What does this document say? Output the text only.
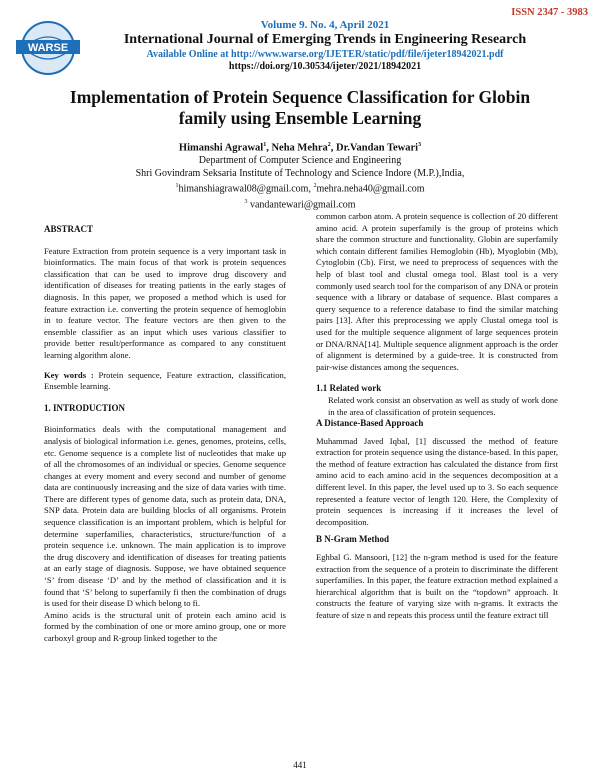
WARSE
ISSN 2347 - 3983
Volume 9. No. 4, April 2021
International Journal of Emerging Trends in Engineering Research
Available Online at http://www.warse.org/IJETER/static/pdf/file/ijeter18942021.pdf
https://doi.org/10.30534/ijeter/2021/18942021
Implementation of Protein Sequence Classification for Globin
family using Ensemble Learning
Himanshi Agrawal$^1$, Neha Mehra$^2$, Dr.Vandan Tewari$^3$
Department of Computer Science and Engineering
Shri Govindram Seksaria Institute of Technology and Science Indore (M.P.),India,
$^1$himanshiagrawal08@gmail.com, $^2$mehra.neha40@gmail.com
$^3$ vandantewari@gmail.com

ABSTRACT

Feature Extraction from protein sequence is a very important task in bioinformatics. The main focus of that work is protein sequences classification that can be used to improve drug discovery and identification of diseases for treating patients in the early stages of diagnosis. In this paper, we proposed a method which is used for feature extraction i.e. converting the protein sequence of hemoglobin in to feature vector. The feature vectors are then given to the ensemble classifier as an input which uses various classifier to provide better result/performance as compared to any constituent learning algorithm alone.

Key words : Protein sequence, Feature extraction, classification, Ensemble learning.

1. INTRODUCTION

Bioinformatics deals with the computational management and analysis of biological information i.e. genes, genomes, proteins, cells, etc. Genome sequence is a complete list of nucleotides that make up of all the chromosomes of an individual or species. Genome sequence changes at every moment and every second and number of genome data are continuously increasing and the size of data varies with time. There are different types of genome data, such as protein data, DNA, SNP data. Protein data are building blocks of all organisms. Protein sequence classification is an important problem, which is helpful for determine superfamilies, characteristics, structure/function of a protein sequence i.e. unknown. The main application is to improve the drug discovery and identification of diseases for treating patients at an early stage of diagnosis. Suppose, we have obtained sequence ‘S’ from disease ‘D’ and by the method of classification and it is found that ‘S’ belong to superfamily fi then the combination of drugs is used for their disease D which belong to fi.

Amino acids is the structural unit of protein each amino acid is formed by the combination of one or more amino group, one or more carboxyl group and R-group linked together to the

common carbon atom. A protein sequence is collection of 20 different amino acid. A protein superfamily is the group of proteins which share the common structure and functionality. Globin are superfamily which contain different families Hemoglobin (Hb), Myoglobin (Mb), Cytoglobin (Cb). First, we need to preprocess of sequences with the help of blast tool and clustal omega tool. Blast tool is a very commonly used search tool for the comparison of any DNA or protein sequence with a library or database of sequence. Blast compares a query sequence to a reference database to find the similar matching pairs [13]. After this preprocessing we apply Clustal omega tool is used for the multiple sequence alignment of large sequences protein or DNA/RNA[14]. Multiple sequence alignment approach is the order of alignment is determined by a guide-tree. It is constructed from pair-wise distances among the sequences.

1.1 Related work

Related work consist an observation as well as study of work done in the area of classification of protein sequences.

A Distance-Based Approach

Muhammad Javed Iqbal, [1] discussed the method of feature extraction for protein sequence using the distance-based. In this paper, the method of feature extraction has calculated the distance from first amino acid to each amino acid in the sequences decomposition at a different level. In this paper, the level used up to 3. So each sequence represented a feature vector of length 120. Here, the Complexity of protein sequences is increasing if it increases the level of decomposition.

B N-Gram Method

Eghbal G. Mansoori, [12] the n-gram method is used for the feature extraction from the sequence of a protein to discriminate the different superfamilies. In this paper, the feature extraction method explained a hierarchical algorithm that is built on the “topdown” approach. It constructs the feature of varying size with n-grams. It extracts the feature of size n and repeats this process until the feature extract till

441
